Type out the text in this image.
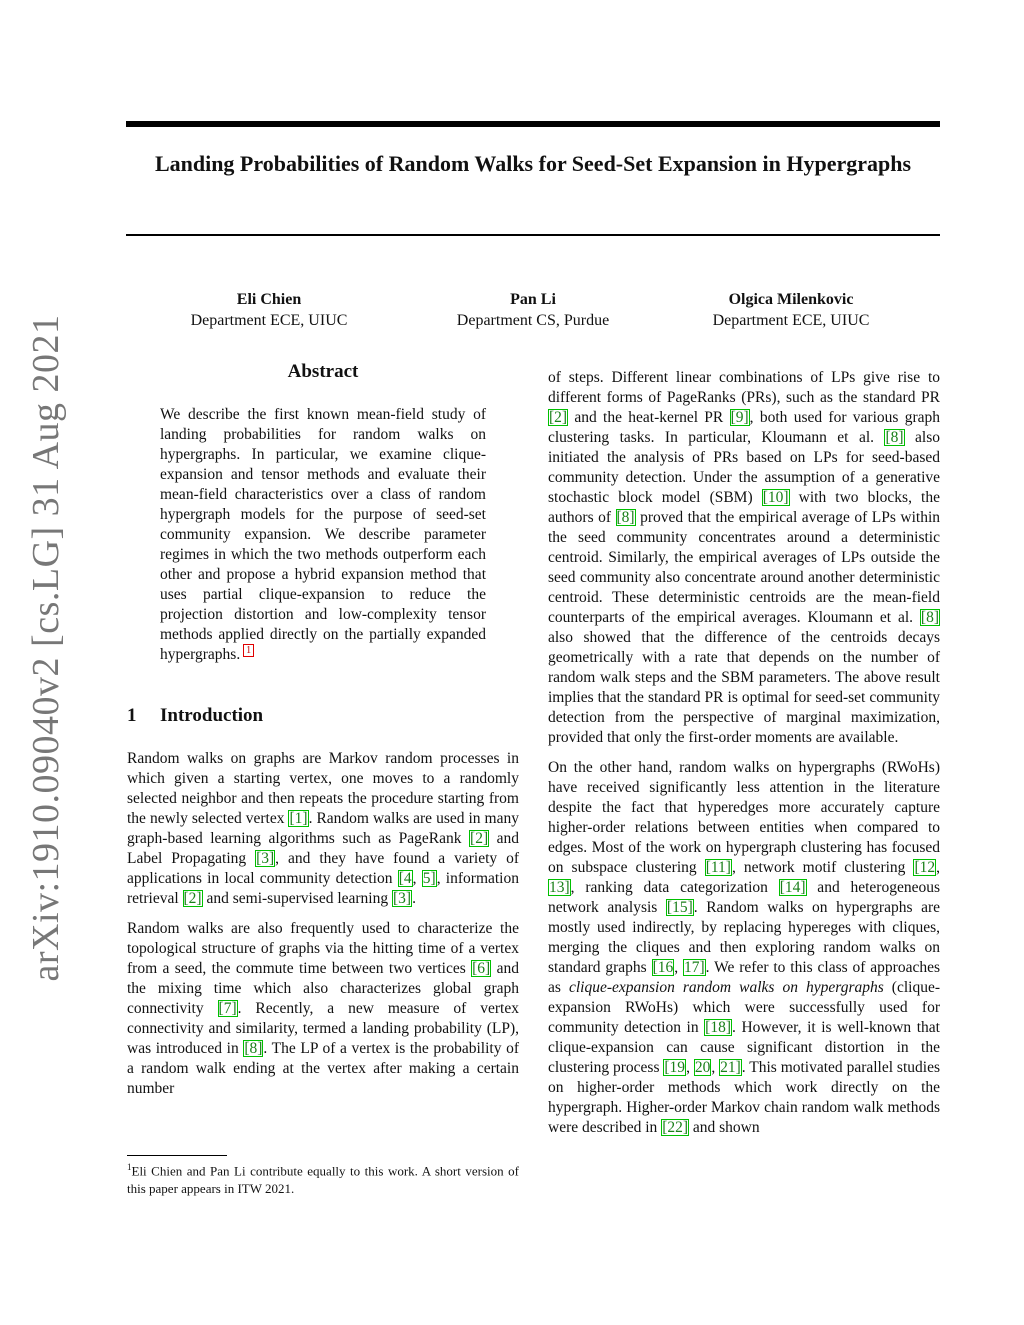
Landing Probabilities of Random Walks for Seed-Set Expansion in Hypergraphs
Eli Chien
Department ECE, UIUC
Pan Li
Department CS, Purdue
Olgica Milenkovic
Department ECE, UIUC
arXiv:1910.09040v2 [cs.LG] 31 Aug 2021	Abstract

We describe the first known mean-field study of landing probabilities for random walks on hypergraphs. In particular, we examine clique-expansion and tensor methods and evaluate their mean-field characteristics over a class of random hypergraph models for the purpose of seed-set community expansion. We describe parameter regimes in which the two methods outperform each other and propose a hybrid expansion method that uses partial clique-expansion to reduce the projection distortion and low-complexity tensor methods applied directly on the partially expanded hypergraphs. $^1$

1 Introduction

Random walks on graphs are Markov random processes in which given a starting vertex, one moves to a randomly selected neighbor and then repeats the procedure starting from the newly selected vertex [1]. Random walks are used in many graph-based learning algorithms such as PageRank [2] and Label Propagating [3], and they have found a variety of applications in local community detection [4, 5], information retrieval [2] and semi-supervised learning [3].

Random walks are also frequently used to characterize the topological structure of graphs via the hitting time of a vertex from a seed, the commute time between two vertices [6] and the mixing time which also characterizes global graph connectivity [7]. Recently, a new measure of vertex connectivity and similarity, termed a landing probability (LP), was introduced in [8]. The LP of a vertex is the probability of a random walk ending at the vertex after making a certain number

$^1$Eli Chien and Pan Li contribute equally to this work. A short version of this paper appears in ITW 2021.

of steps. Different linear combinations of LPs give rise to different forms of PageRanks (PRs), such as the standard PR [2] and the heat-kernel PR [9], both used for various graph clustering tasks. In particular, Kloumann et al. [8] also initiated the analysis of PRs based on LPs for seed-based community detection. Under the assumption of a generative stochastic block model (SBM) [10] with two blocks, the authors of [8] proved that the empirical average of LPs within the seed community concentrates around a deterministic centroid. Similarly, the empirical averages of LPs outside the seed community also concentrate around another deterministic centroid. These deterministic centroids are the mean-field counterparts of the empirical averages. Kloumann et al. [8] also showed that the difference of the centroids decays geometrically with a rate that depends on the number of random walk steps and the SBM parameters. The above result implies that the standard PR is optimal for seed-set community detection from the perspective of marginal maximization, provided that only the first-order moments are available.

On the other hand, random walks on hypergraphs (RWoHs) have received significantly less attention in the literature despite the fact that hyperedges more accurately capture higher-order relations between entities when compared to edges. Most of the work on hypergraph clustering has focused on subspace clustering [11], network motif clustering [12, 13], ranking data categorization [14] and heterogeneous network analysis [15]. Random walks on hypergraphs are mostly used indirectly, by replacing hypereges with cliques, merging the cliques and then exploring random walks on standard graphs [16, 17]. We refer to this class of approaches as clique-expansion random walks on hypergraphs (clique-expansion RWoHs) which were successfully used for community detection in [18]. However, it is well-known that clique-expansion can cause significant distortion in the clustering process [19, 20, 21]. This motivated parallel studies on higher-order methods which work directly on the hypergraph. Higher-order Markov chain random walk methods were described in [22] and shown
